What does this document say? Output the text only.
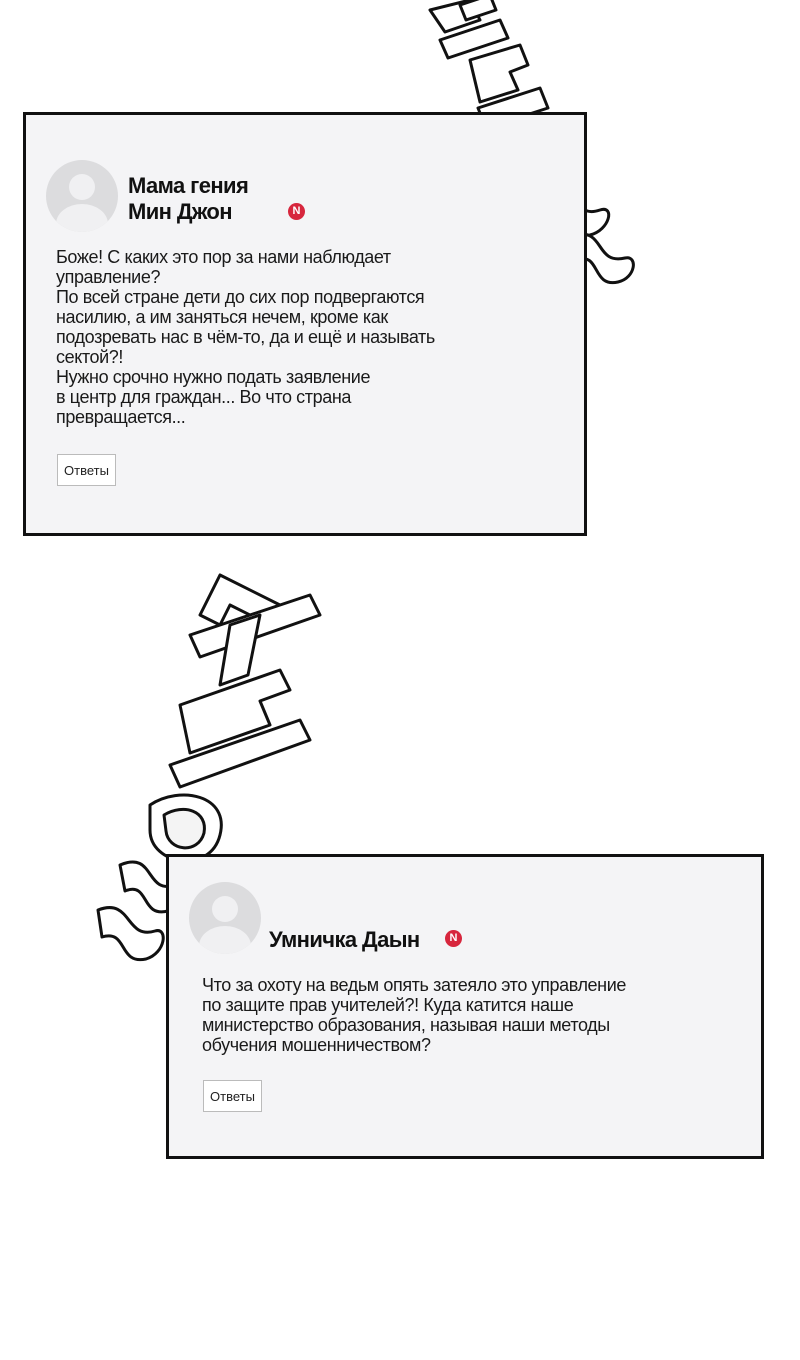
Мама гения Мин Джон	N
Боже! С каких это пор за нами наблюдает
управление?
По всей стране дети до сих пор подвергаются
насилию, а им заняться нечем, кроме как
подозревать нас в чём-то, да и ещё и называть
сектой?!
Нужно срочно нужно подать заявление
в центр для граждан... Во что страна
превращается...
Ответы
Умничка Даын	N
Что за охоту на ведьм опять затеяло это управление
по защите прав учителей?! Куда катится наше
министерство образования, называя наши методы
обучения мошенничеством?
Ответы
